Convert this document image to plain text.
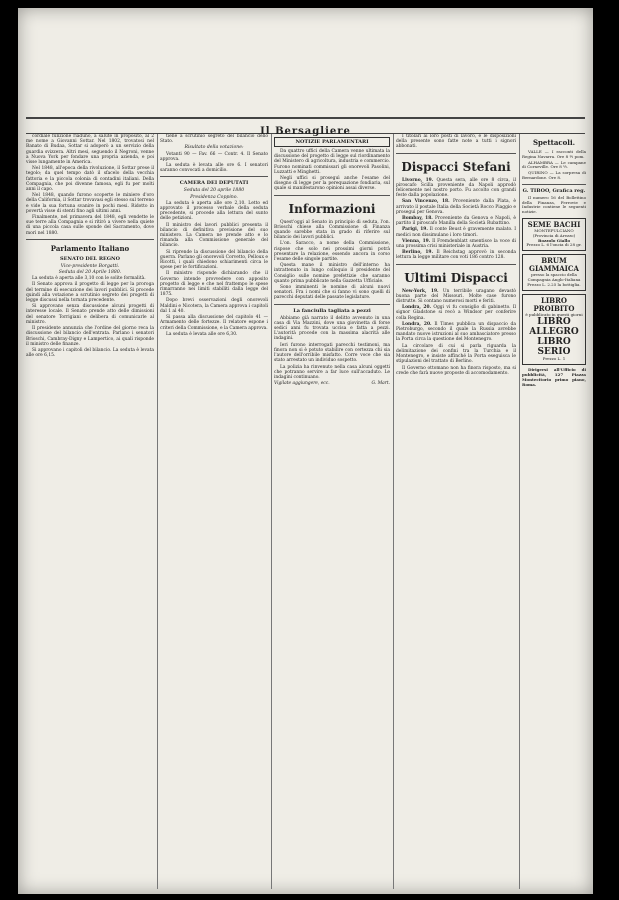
Il Bersagliere

cordiale funzione riadunò, a salute in proposito, al 2 me nome a Giovanni Sottar. Nel 1802, trovatosi nel Banato di Budaa, Sottar si adoperò a un servizio della guardia svizzera. Altri mesi, seguendo il Negroni, venne a Nuova York per fondare una propria azienda, e poi visse lungamente in America.

Nel 1848, all'epoca della rivoluzione, il Sottar prese il tegolo; da quel tempo datò il sfacelo della vecchia fattoria e la piccola colonia di contadini italiani. Della Compagnia, che poi divenne famosa, egli fu per molti anni il capo.

Nel 1848, quando furono scoperte le miniere d'oro della California, il Sottar trovavasi egli stesso sul terreno e vide la sua fortuna svanire in pochi mesi. Ridotto in povertà visse di stenti fino agli ultimi anni.

Finalmente, nel primavera del 1848, egli vendette le sue terre alla Compagnia e si ritirò a vivere nella quiete di una piccola casa sulle sponde del Sacramento, dove morì nel 1880.

Parlamento Italiano
SENATO DEL REGNO
Vice-presidente Borgatti.
Seduta del 20 Aprile 1880.

La seduta è aperta alle 3,10 con le solite formalità.

Il Senato approva il progetto di legge per la proroga del termine di esecuzione dei lavori pubblici. Si procede quindi alla votazione a scrutinio segreto dei progetti di legge discussi nella tornata precedente.

Si approvano senza discussione alcuni progetti di interesse locale. Il Senato prende atto delle dimissioni del senatore Torrigiani e delibera di comunicarle al ministro.

Il presidente annunzia che l'ordine del giorno reca la discussione del bilancio dell'entrata. Parlano i senatori Brioschi, Cambray-Digny e Lampertico, ai quali risponde il ministro delle finanze.

Si approvano i capitoli del bilancio. La seduta è levata alle ore 6,15.

tiene a scrutinio segreto del bilancio dello Stato.

Risultato della votazione:

Votanti 90 — Fav. 66 — Contr. 4. Il Senato approva.

La seduta è levata alle ore 6. I senatori saranno convocati a domicilio.

CAMERA DEI DEPUTATI
Seduta del 20 aprile 1880
Presidenza Coppino.

La seduta è aperta alle ore 2,10. Letto ed approvato il processo verbale della seduta precedente, si procede alla lettura del sunto delle petizioni.

Il ministro dei lavori pubblici presenta il bilancio di definitiva previsione del suo ministero. La Camera ne prende atto e lo rimanda alla Commissione generale del bilancio.

Si riprende la discussione del bilancio della guerra. Parlano gli onorevoli Corvetto, Pelloux e Ricotti, i quali chiedono schiarimenti circa le spese per le fortificazioni.

Il ministro risponde dichiarando che il Governo intende provvedere con apposito progetto di legge e che nel frattempo le spese rimarranno nei limiti stabiliti dalla legge del 1875.

Dopo brevi osservazioni degli onorevoli Maldini e Nicotera, la Camera approva i capitoli dal 1 al 40.

Si passa alla discussione del capitolo 41 — Armamento delle fortezze. Il relatore espone i criteri della Commissione, e la Camera approva.

La seduta è levata alle ore 6,30.

NOTIZIE PARLAMENTARI

Da quattro uffici della Camera venne ultimata la discussione del progetto di legge sul riordinamento del Ministero di agricoltura, industria e commercio. Furono nominati commissari gli onorevoli Pasolini, Luzzatti e Minghetti.

Negli uffici si proseguì anche l'esame del disegno di legge per la perequazione fondiaria, sul quale si manifestarono opinioni assai diverse.

Informazioni

Quest'oggi al Senato in principio di seduta, l'on. Brioschi chiese alla Commissione di Finanza quando sarebbe stata in grado di riferire sul bilancio dei lavori pubblici.

L'on. Saracco, a nome della Commissione, rispose che solo nei prossimi giorni potrà presentare la relazione, essendo ancora in corso l'esame delle singole partite.

Questa mane il ministro dell'interno ha intrattenuto in lungo colloquio il presidente del Consiglio sulle nomine prefettizie che saranno quanto prima pubblicate nella Gazzetta Ufficiale.

Sono imminenti le nomine di alcuni nuovi senatori. Fra i nomi che si fanno vi sono quelli di parecchi deputati delle passate legislature.

La fanciulla tagliata a pezzi

Abbiamo già narrato il delitto avvenuto in una casa di Via Mazzini, dove una giovinetta di forse sedici anni fu trovata uccisa e fatta a pezzi. L'autorità procede con la massima alacrità alle indagini.

Ieri furono interrogati parecchi testimoni, ma finora non si è potuto stabilire con certezza chi sia l'autore dell'orribile misfatto. Corre voce che sia stato arrestato un individuo sospetto.

La polizia ha rinvenuto nella casa alcuni oggetti che potranno servire a far luce sull'accaduto. Le indagini continuano.

Vigilate aggiungere, ecc.	G. Mart.

I titolari ai loro posti di lavoro, e le disposizioni della presente sono fatte note a tutti i signori abbonati.

Dispacci Stefani

Livorno, 19. Questa sera, alle ore 8 circa, il piroscafo Scilla proveniente da Napoli approdò felicemente nel nostro porto. Fu accolto con grandi feste dalla popolazione.

San Vincenzo, 18. Proveniente dalla Plata, è arrivato il postale Italia della Società Rocco Piaggio e proseguì per Genova.

Bombay, 18. Proveniente da Genova e Napoli, è partito il piroscafo Manilla della Società Rubattino.

Parigi, 19. Il conte Beust è gravemente malato. I medici non dissimulano i loro timori.

Vienna, 19. Il Fremdenblatt smentisce la voce di una prossima crisi ministeriale in Austria.

Berlino, 19. Il Reichstag approvò in seconda lettura la legge militare con voti 186 contro 128.

Ultimi Dispacci

New-York, 19. Un terribile uragano devastò buona parte del Missouri. Molte case furono distrutte. Si contano numerosi morti e feriti.

Londra, 20. Oggi vi fu consiglio di gabinetto. Il signor Gladstone si recò a Windsor per conferire colla Regina.

Londra, 20. Il Times pubblica un dispaccio da Pietroburgo, secondo il quale la Russia avrebbe mandato nuove istruzioni al suo ambasciatore presso la Porta circa la questione del Montenegro.

La circolare di cui si parla riguarda la delimitazione dei confini tra la Turchia e il Montenegro, e insiste affinché la Porta eseguisca le stipulazioni del trattato di Berlino.

Il Governo ottomano non ha finora risposto, ma si crede che farà nuove proposte di accomodamento.

Spettacoli.

VALLE — I racconti della Regina Navarra. Ore 8 ½ pom.

ALHAMBRA — Le campane di Corneville. Ore 8 ½.

QUIRINO — La sorpresa di Bernardone. Ore 8.

G. TIBOO, Grafica reg.

Il numero 16 del Bollettino della Finanza, Ferrovie e Industrie contiene le seguenti notizie.

SEME BACHI
MONTEPULCIANO (Provincia di Arezzo)
Bozzolo Giallo
Prezzo L. 6 l'oncia di 28 gr.
BRUM GIAMMAICA
presso la spaccio della Compagnia Anglo-Italiana
Prezzo L. 2.25 la bottiglia.
LIBRO PROIBITO
è pubblicato in questi giorni
LIBRO ALLEGRO
LIBRO SERIO
Prezzo L. 1

Dirigersi all'Ufficio di pubblicità, 127 Piazza Montecitorio primo piano, Roma.
